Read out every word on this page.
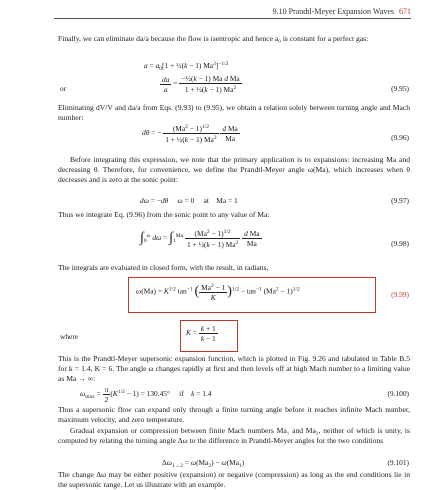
9.10 Prandtl-Meyer Expansion Waves 671
Finally, we can eliminate da/a because the flow is isentropic and hence a₀ is constant for a perfect gas:
$a = a_0[1$ + ½(k − 1) Ma$^2$]$^{-1/2}$
or	$\frac{da}{a} = \frac{\text{−½(k − 1) Ma d Ma}}{1 + \frac{1}{2}(k - 1) Ma^2}$	(9.95)
Eliminating dV/V and da/a from Eqs. (9.93) to (9.95), we obtain a relation solely between turning angle and Mach number:
dθ = − $\frac{(Ma^2 - 1)^{1/2}}{1 + \frac{1}{2}(k - 1) Ma^2}$
$\frac{\text{d Ma}}{Ma}$	(9.96)
Before integrating this expression, we note that the primary application is to expansions: increasing Ma and decreasing θ. Therefore, for convenience, we define the Prandtl-Meyer angle ω(Ma), which increases when θ decreases and is zero at the sonic point:
dω = −dθ ω = 0     at    Ma = 1	(9.97)
Thus we integrate Eq. (9.96) from the sonic point to any value of Ma:
$\int_0^\omega$ $d\omega = \int_1^{Ma} \frac{(Ma^2 - 1)^{1/2}}{1 + \frac{1}{2}(k - 1) Ma^2}$
$\frac{\text{d Ma}}{Ma}$	(9.98)
The integrals are evaluated in closed form, with the result, in radians,
$\omega(Ma) = K^{1/2}$ $\tan^{-1}$ ( $\frac{Ma^2 - 1}{K} )^{1/2} - \tan^{-1} (Ma^2 - 1)^{1/2}$
(9.99)
where	$K = \frac{k + 1}{k - 1}$
This is the Prandtl-Meyer supersonic expansion function, which is plotted in Fig. 9.26 and tabulated in Table B.5 for k = 1.4, K = 6. The angle ω changes rapidly at first and then levels off at high Mach number to a limiting value as Ma → ∞:
$\omega_{max} = \frac{\pi}{2} (K^{1/2} - 1) = 130.45^\circ$     if    k = 1.4	(9.100)
Thus a supersonic flow can expand only through a finite turning angle before it reaches infinite Mach number, maximum velocity, and zero temperature.
Gradual expansion or compression between finite Mach numbers Ma₁ and Ma₂, neither of which is unity, is computed by relating the turning angle Δω to the difference in Prandtl-Meyer angles for the two conditions
$\Delta\omega_{1\to 2} = \omega(Ma_2) - \omega(Ma_1)$	(9.101)
The change Δω may be either positive (expansion) or negative (compression) as long as the end conditions lie in the supersonic range. Let us illustrate with an example.
